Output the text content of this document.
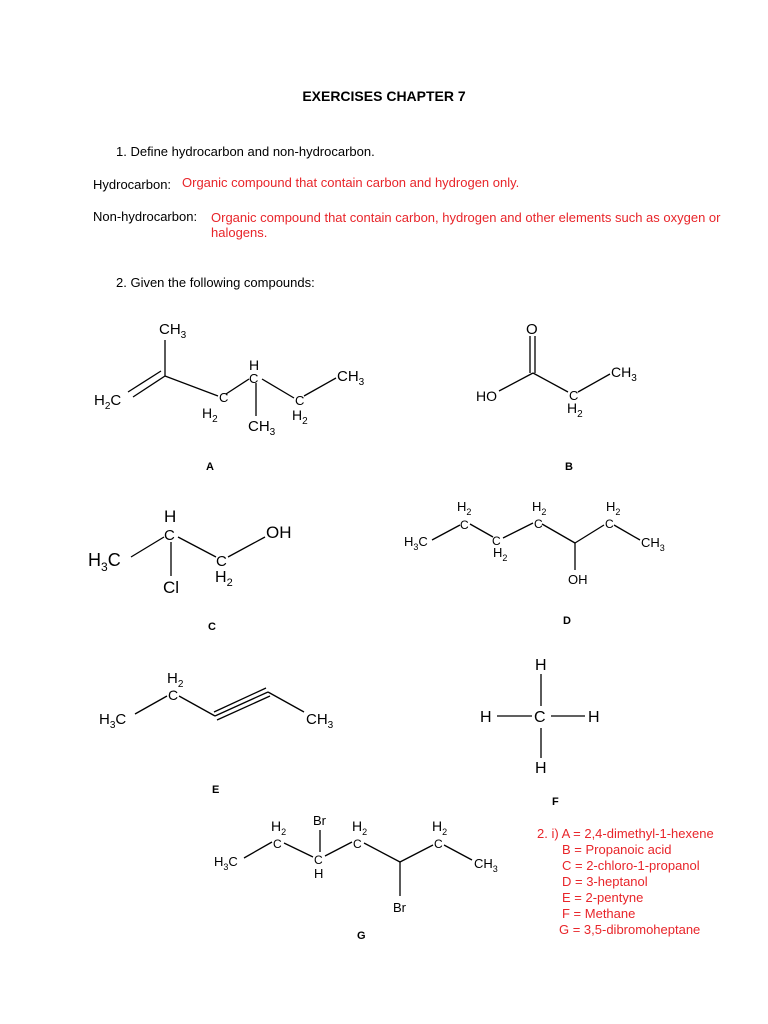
EXERCISES CHAPTER 7
1. Define hydrocarbon and non-hydrocarbon.
Hydrocarbon: Organic compound that contain carbon and hydrogen only.
Non-hydrocarbon: Organic compound that contain carbon, hydrogen and other elements such as oxygen or
halogens.
2. Given the following compounds:
$CH_3$
$H_2C$	C
$H_2$
H
C
$CH_3$
C
$H_2$
$CH_3$
O
HO	C
$H_2$
$CH_3$
$H_3C$
H
C
Cl
C
$H_2$
OH	$H_3C$
$H_2$
C
C
$H_2$
$H_2$
C
OH
$H_2$
C
$CH_3$
$H_3C$
$H_2$
C
$CH_3$
H
H	C	H
H
$H_3C$
$H_2$
C
Br
C
H
$H_2$
C
Br
$H_2$
C
$CH_3$
A	B
C	D
E
F
G
2. i) A = 2,4-dimethyl-1-hexene
B = Propanoic acid
C = 2-chloro-1-propanol
D = 3-heptanol
E = 2-pentyne
F = Methane
G = 3,5-dibromoheptane
